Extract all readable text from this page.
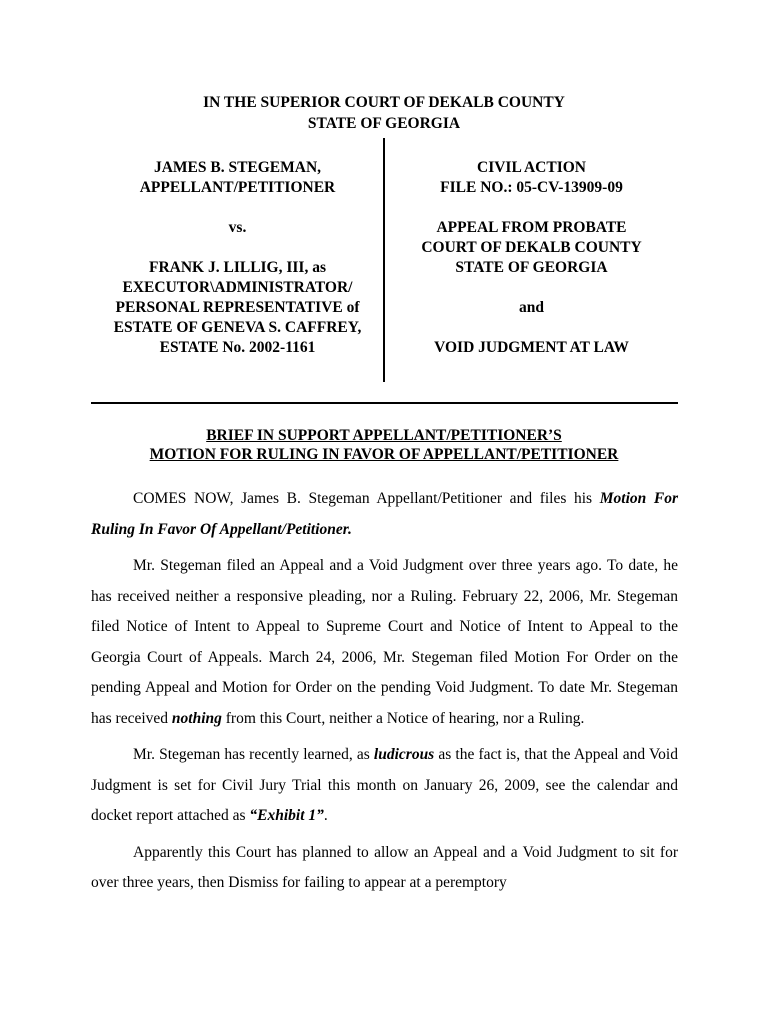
IN THE SUPERIOR COURT OF DEKALB COUNTY
STATE OF GEORGIA
JAMES B. STEGEMAN,
APPELLANT/PETITIONER
vs.
FRANK J. LILLIG, III, as
EXECUTOR\ADMINISTRATOR/
PERSONAL REPRESENTATIVE of
ESTATE OF GENEVA S. CAFFREY,
ESTATE No. 2002-1161
CIVIL ACTION
FILE NO.: 05-CV-13909-09
APPEAL FROM PROBATE
COURT OF DEKALB COUNTY
STATE OF GEORGIA
and
VOID JUDGMENT AT LAW
BRIEF IN SUPPORT APPELLANT/PETITIONER’S
MOTION FOR RULING IN FAVOR OF APPELLANT/PETITIONER

COMES NOW, James B. Stegeman Appellant/Petitioner and files his Motion For Ruling In Favor Of Appellant/Petitioner.

Mr. Stegeman filed an Appeal and a Void Judgment over three years ago. To date, he has received neither a responsive pleading, nor a Ruling. February 22, 2006, Mr. Stegeman filed Notice of Intent to Appeal to Supreme Court and Notice of Intent to Appeal to the Georgia Court of Appeals. March 24, 2006, Mr. Stegeman filed Motion For Order on the pending Appeal and Motion for Order on the pending Void Judgment. To date Mr. Stegeman has received nothing from this Court, neither a Notice of hearing, nor a Ruling.

Mr. Stegeman has recently learned, as ludicrous as the fact is, that the Appeal and Void Judgment is set for Civil Jury Trial this month on January 26, 2009, see the calendar and docket report attached as “Exhibit 1”.

Apparently this Court has planned to allow an Appeal and a Void Judgment to sit for over three years, then Dismiss for failing to appear at a peremptory
